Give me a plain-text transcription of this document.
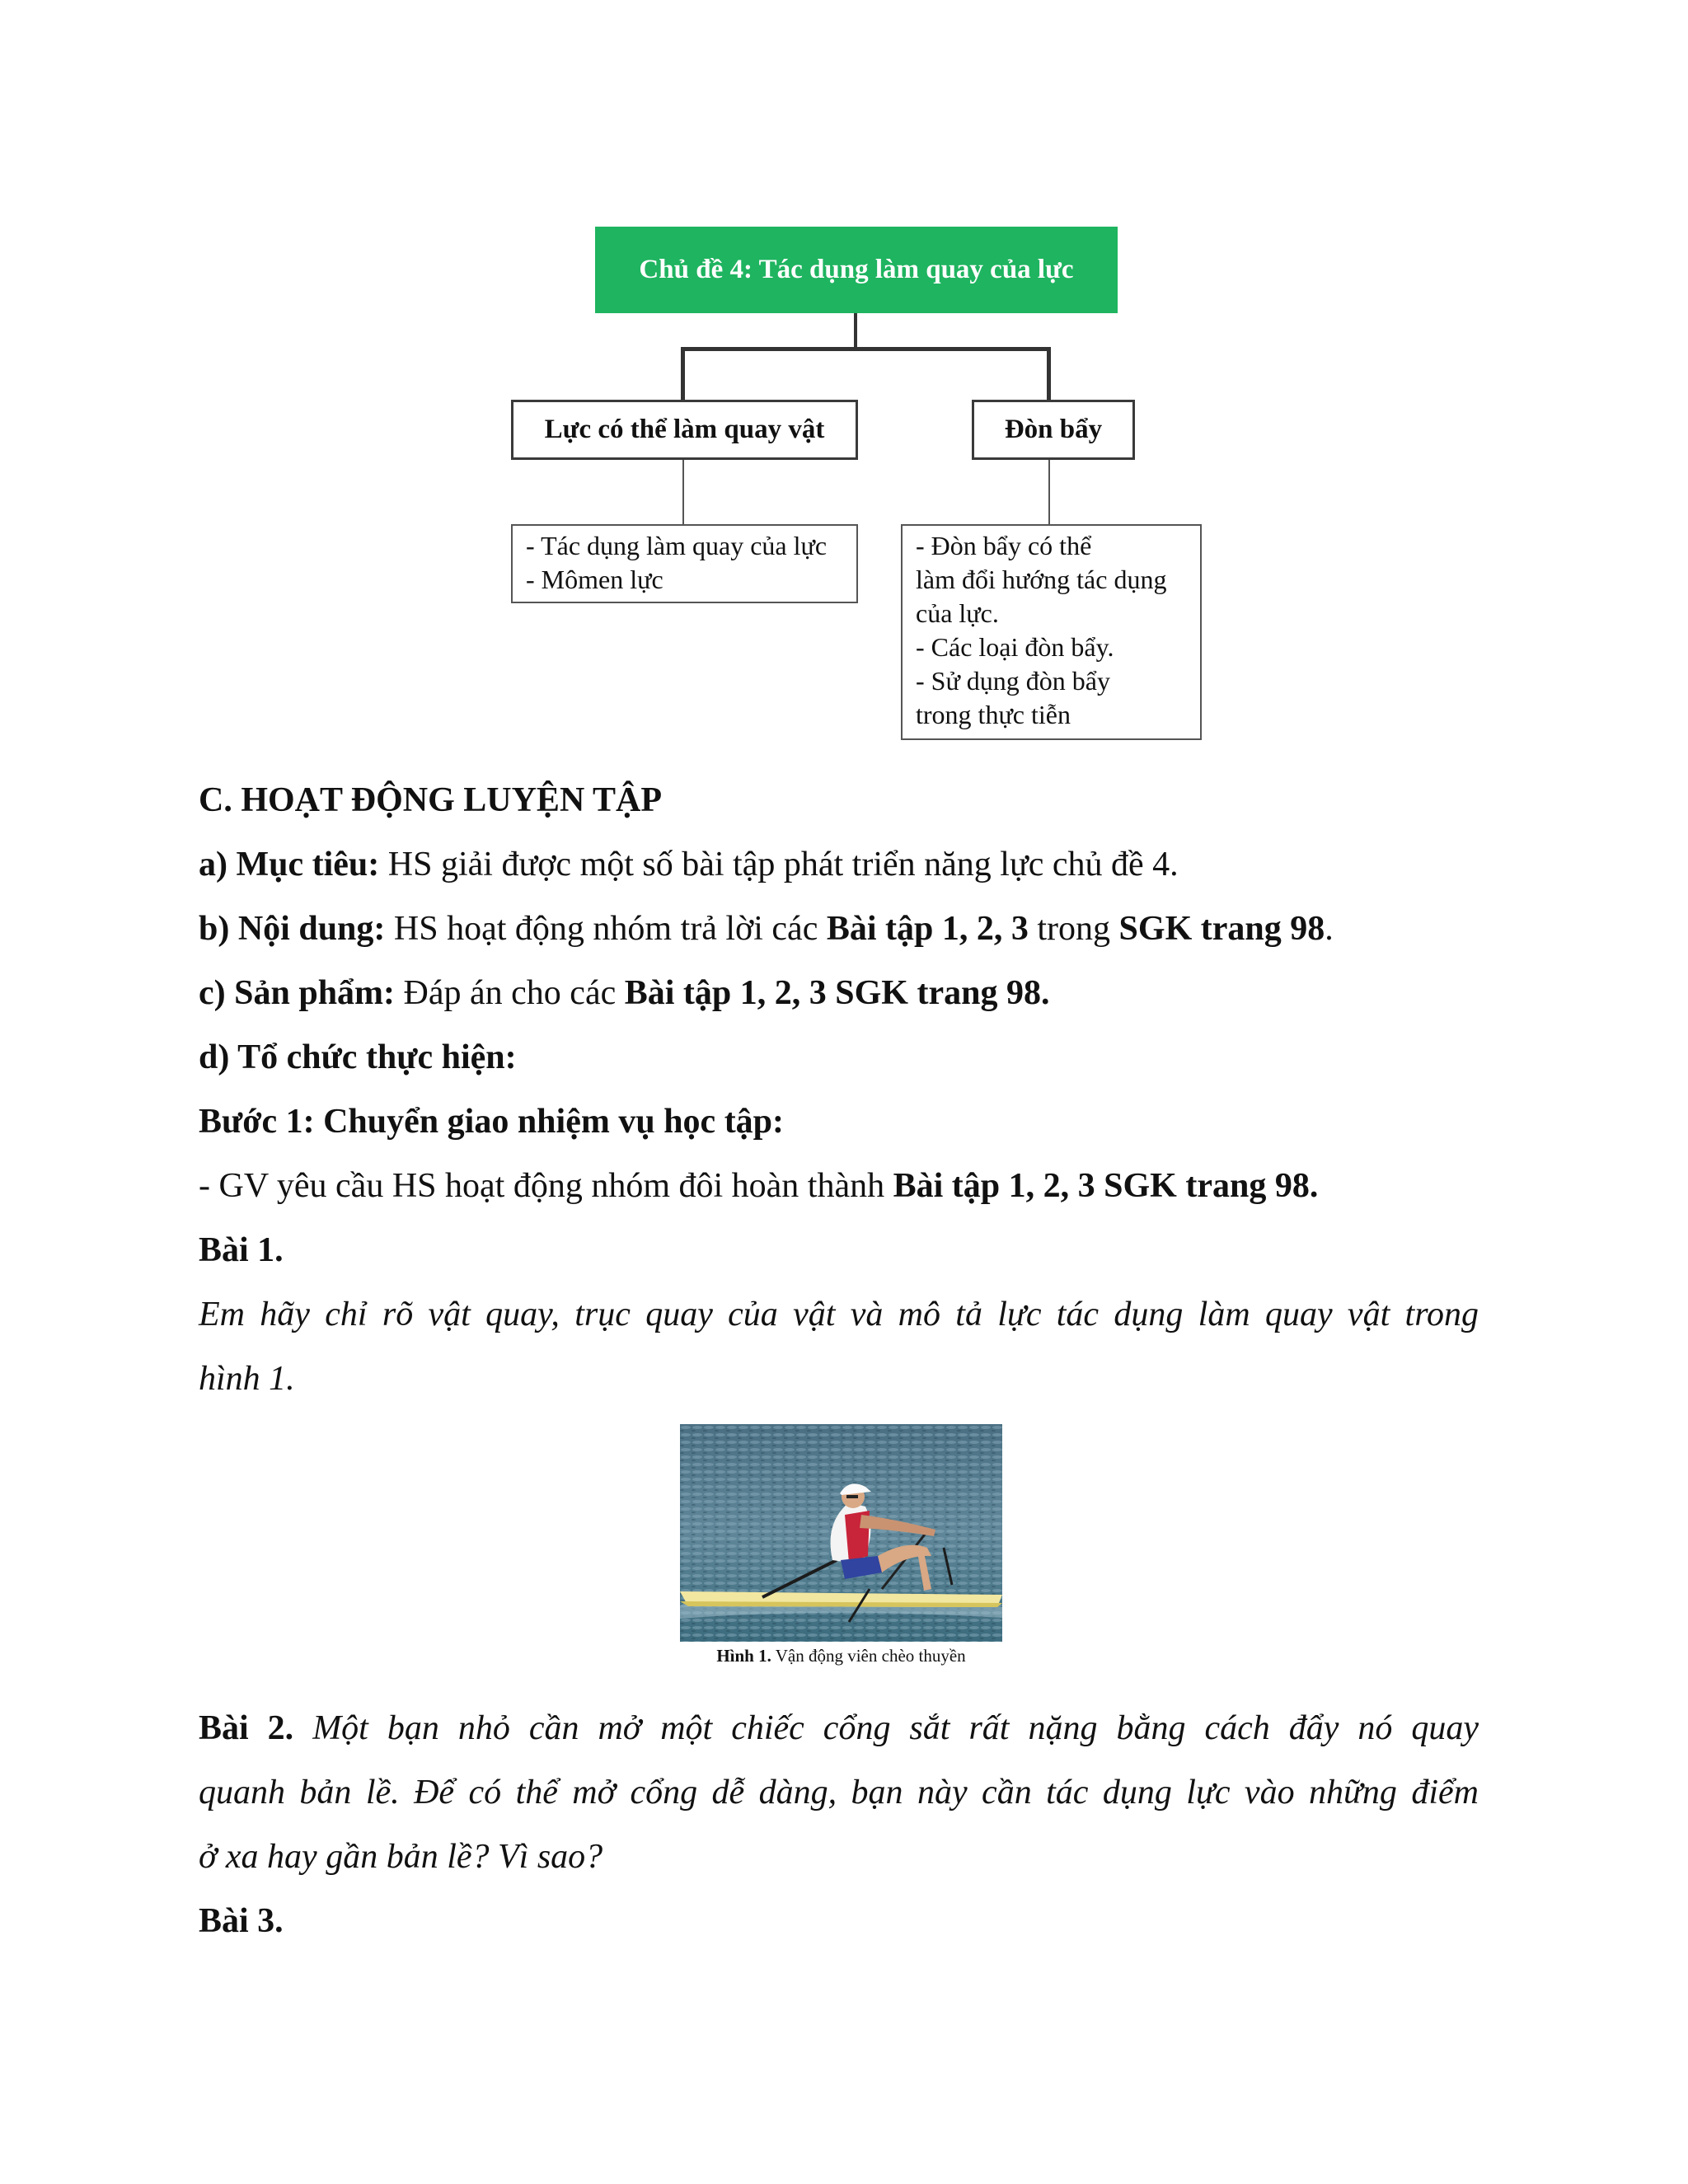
Chủ đề 4: Tác dụng làm quay của lực
Lực có thể làm quay vật	Đòn bẩy
- Tác dụng làm quay của lực
- Mômen lực
- Đòn bẩy có thể
làm đổi hướng tác dụng
của lực.
- Các loại đòn bẩy.
- Sử dụng đòn bẩy
trong thực tiễn
C. HOẠT ĐỘNG LUYỆN TẬP
a) Mục tiêu: HS giải được một số bài tập phát triển năng lực chủ đề 4.
b) Nội dung: HS hoạt động nhóm trả lời các Bài tập 1, 2, 3 trong SGK trang 98.
c) Sản phẩm: Đáp án cho các Bài tập 1, 2, 3 SGK trang 98.
d) Tổ chức thực hiện:
Bước 1: Chuyển giao nhiệm vụ học tập:
- GV yêu cầu HS hoạt động nhóm đôi hoàn thành Bài tập 1, 2, 3 SGK trang 98.
Bài 1.
Em hãy chỉ rõ vật quay, trục quay của vật và mô tả lực tác dụng làm quay vật trong
hình 1.
Hình 1. Vận động viên chèo thuyền
Bài 2. Một bạn nhỏ cần mở một chiếc cổng sắt rất nặng bằng cách đẩy nó quay
quanh bản lề. Để có thể mở cổng dễ dàng, bạn này cần tác dụng lực vào những điểm
ở xa hay gần bản lề? Vì sao?
Bài 3.
